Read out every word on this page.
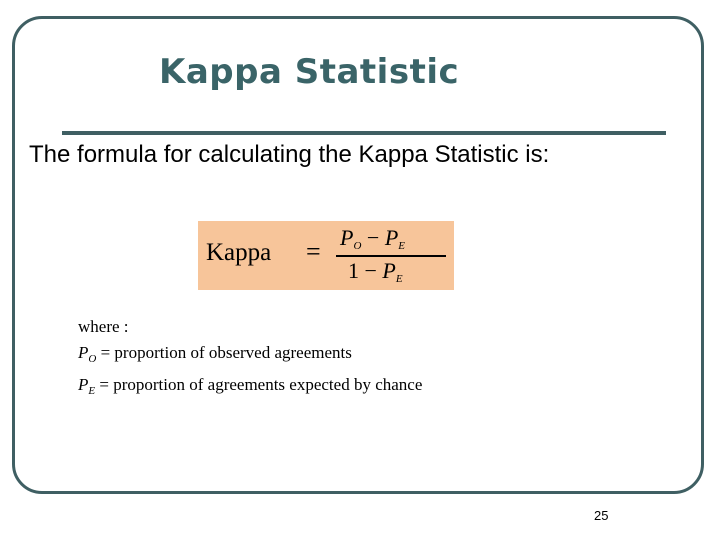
Kappa Statistic
The formula for calculating the Kappa Statistic is:
Kappa = $P_O - P_E$
$1 - P_E$
where :
$P_O$ = proportion of observed agreements
$P_E$ = proportion of agreements expected by chance
25
